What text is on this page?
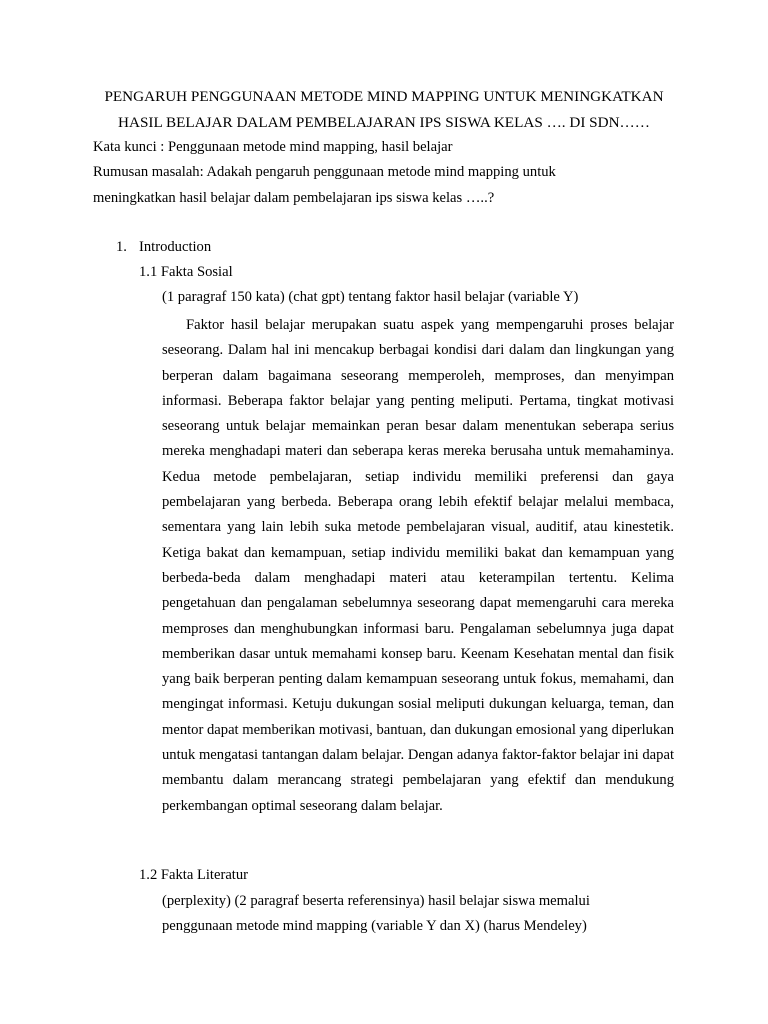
PENGARUH PENGGUNAAN METODE MIND MAPPING UNTUK MENINGKATKAN
HASIL BELAJAR DALAM PEMBELAJARAN IPS SISWA KELAS …. DI SDN……
Kata kunci : Penggunaan metode mind mapping, hasil belajar
Rumusan masalah: Adakah pengaruh penggunaan metode mind mapping untuk
meningkatkan hasil belajar dalam pembelajaran ips siswa kelas …..?
1. Introduction
1.1 Fakta Sosial
(1 paragraf 150 kata) (chat gpt) tentang faktor hasil belajar (variable Y)

Faktor hasil belajar merupakan suatu aspek yang mempengaruhi proses belajar seseorang. Dalam hal ini mencakup berbagai kondisi dari dalam dan lingkungan yang berperan dalam bagaimana seseorang memperoleh, memproses, dan menyimpan informasi. Beberapa faktor belajar yang penting meliputi. Pertama, tingkat motivasi seseorang untuk belajar memainkan peran besar dalam menentukan seberapa serius mereka menghadapi materi dan seberapa keras mereka berusaha untuk memahaminya. Kedua metode pembelajaran, setiap individu memiliki preferensi dan gaya pembelajaran yang berbeda. Beberapa orang lebih efektif belajar melalui membaca, sementara yang lain lebih suka metode pembelajaran visual, auditif, atau kinestetik. Ketiga bakat dan kemampuan, setiap individu memiliki bakat dan kemampuan yang berbeda-beda dalam menghadapi materi atau keterampilan tertentu. Kelima pengetahuan dan pengalaman sebelumnya seseorang dapat memengaruhi cara mereka memproses dan menghubungkan informasi baru. Pengalaman sebelumnya juga dapat memberikan dasar untuk memahami konsep baru. Keenam Kesehatan mental dan fisik yang baik berperan penting dalam kemampuan seseorang untuk fokus, memahami, dan mengingat informasi. Ketuju dukungan sosial meliputi dukungan keluarga, teman, dan mentor dapat memberikan motivasi, bantuan, dan dukungan emosional yang diperlukan untuk mengatasi tantangan dalam belajar. Dengan adanya faktor-faktor belajar ini dapat membantu dalam merancang strategi pembelajaran yang efektif dan mendukung perkembangan optimal seseorang dalam belajar.

1.2 Fakta Literatur
(perplexity) (2 paragraf beserta referensinya) hasil belajar siswa memalui
penggunaan metode mind mapping (variable Y dan X) (harus Mendeley)
